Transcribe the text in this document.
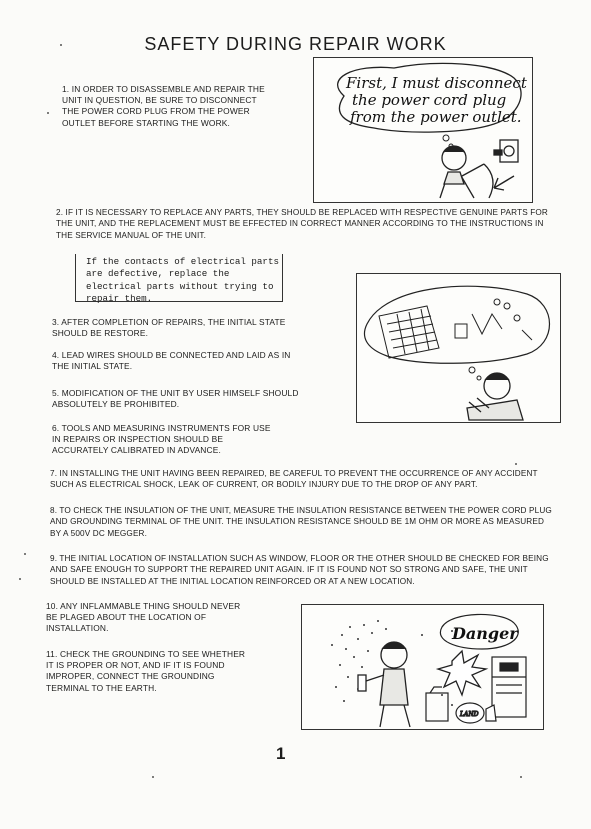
SAFETY DURING REPAIR WORK
1. IN ORDER TO DISASSEMBLE AND REPAIR THE UNIT IN QUESTION, BE SURE TO DISCONNECT THE POWER CORD PLUG FROM THE POWER OUTLET BEFORE STARTING THE WORK.
First, I must disconnect
the power cord plug
from the power outlet.
2. IF IT IS NECESSARY TO REPLACE ANY PARTS, THEY SHOULD BE REPLACED WITH RESPECTIVE GENUINE PARTS FOR THE UNIT, AND THE REPLACEMENT MUST BE EFFECTED IN CORRECT MANNER ACCORDING TO THE INSTRUCTIONS IN THE SERVICE MANUAL OF THE UNIT.
If the contacts of electrical parts are defective, replace the electrical parts without trying to repair them.
3. AFTER COMPLETION OF REPAIRS, THE INITIAL STATE SHOULD BE RESTORE.
4. LEAD WIRES SHOULD BE CONNECTED AND LAID AS IN THE INITIAL STATE.
5. MODIFICATION OF THE UNIT BY USER HIMSELF SHOULD ABSOLUTELY BE PROHIBITED.
6. TOOLS AND MEASURING INSTRUMENTS FOR USE IN REPAIRS OR INSPECTION SHOULD BE ACCURATELY CALIBRATED IN ADVANCE.
7. IN INSTALLING THE UNIT HAVING BEEN REPAIRED, BE CAREFUL TO PREVENT THE OCCURRENCE OF ANY ACCIDENT SUCH AS ELECTRICAL SHOCK, LEAK OF CURRENT, OR BODILY INJURY DUE TO THE DROP OF ANY PART.
8. TO CHECK THE INSULATION OF THE UNIT, MEASURE THE INSULATION RESISTANCE BETWEEN THE POWER CORD PLUG AND GROUNDING TERMINAL OF THE UNIT. THE INSULATION RESISTANCE SHOULD BE 1M OHM OR MORE AS MEASURED BY A 500V DC MEGGER.
9. THE INITIAL LOCATION OF INSTALLATION SUCH AS WINDOW, FLOOR OR THE OTHER SHOULD BE CHECKED FOR BEING AND SAFE ENOUGH TO SUPPORT THE REPAIRED UNIT AGAIN. IF IT IS FOUND NOT SO STRONG AND SAFE, THE UNIT SHOULD BE INSTALLED AT THE INITIAL LOCATION REINFORCED OR AT A NEW LOCATION.
10. ANY INFLAMMABLE THING SHOULD NEVER BE PLAGED ABOUT THE LOCATION OF INSTALLATION.
11. CHECK THE GROUNDING TO SEE WHETHER IT IS PROPER OR NOT, AND IF IT IS FOUND IMPROPER, CONNECT THE GROUNDING TERMINAL TO THE EARTH.
Danger
LAND
1
